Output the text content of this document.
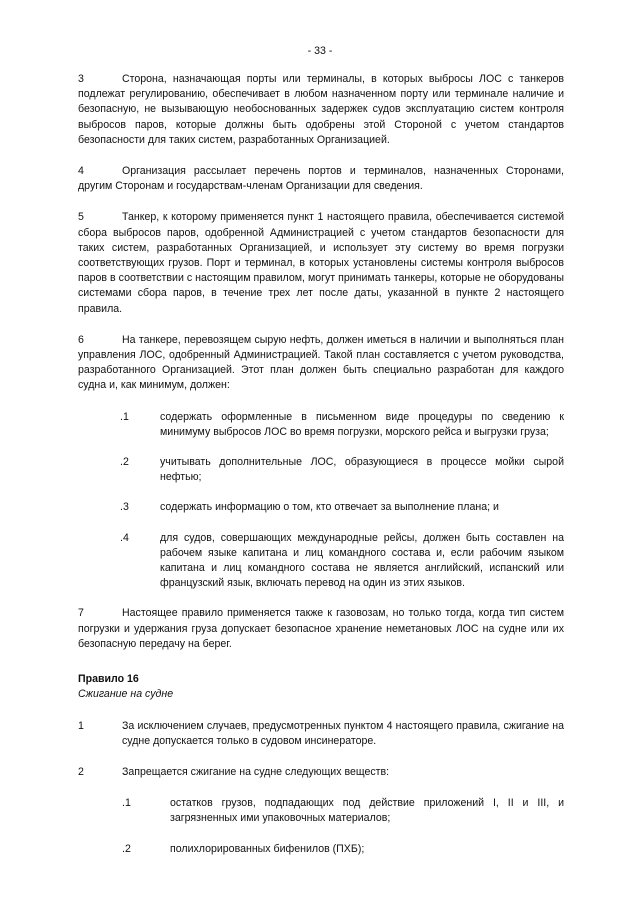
- 33 -
3	Сторона, назначающая порты или терминалы, в которых выбросы ЛОС с танкеров подлежат регулированию, обеспечивает в любом назначенном порту или терминале наличие и безопасную, не вызывающую необоснованных задержек судов эксплуатацию систем контроля выбросов паров, которые должны быть одобрены этой Стороной с учетом стандартов безопасности для таких систем, разработанных Организацией.
4	Организация рассылает перечень портов и терминалов, назначенных Сторонами, другим Сторонам и государствам-членам Организации для сведения.
5	Танкер, к которому применяется пункт 1 настоящего правила, обеспечивается системой сбора выбросов паров, одобренной Администрацией с учетом стандартов безопасности для таких систем, разработанных Организацией, и использует эту систему во время погрузки соответствующих грузов. Порт и терминал, в которых установлены системы контроля выбросов паров в соответствии с настоящим правилом, могут принимать танкеры, которые не оборудованы системами сбора паров, в течение трех лет после даты, указанной в пункте 2 настоящего правила.
6	На танкере, перевозящем сырую нефть, должен иметься в наличии и выполняться план управления ЛОС, одобренный Администрацией. Такой план составляется с учетом руководства, разработанного Организацией. Этот план должен быть специально разработан для каждого судна и, как минимум, должен:
.1	содержать оформленные в письменном виде процедуры по сведению к минимуму выбросов ЛОС во время погрузки, морского рейса и выгрузки груза;
.2	учитывать дополнительные ЛОС, образующиеся в процессе мойки сырой нефтью;
.3	содержать информацию о том, кто отвечает за выполнение плана; и
.4	для судов, совершающих международные рейсы, должен быть составлен на рабочем языке капитана и лиц командного состава и, если рабочим языком капитана и лиц командного состава не является английский, испанский или французский язык, включать перевод на один из этих языков.
7	Настоящее правило применяется также к газовозам, но только тогда, когда тип систем погрузки и удержания груза допускает безопасное хранение неметановых ЛОС на судне или их безопасную передачу на берег.
Правило 16
Сжигание на судне
1	За исключением случаев, предусмотренных пунктом 4 настоящего правила, сжигание на судне допускается только в судовом инсинераторе.
2	Запрещается сжигание на судне следующих веществ:
.1	остатков грузов, подпадающих под действие приложений I, II и III, и загрязненных ими упаковочных материалов;
.2	полихлорированных бифенилов (ПХБ);
